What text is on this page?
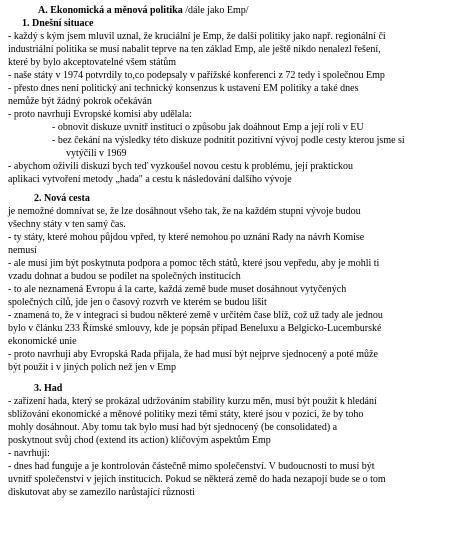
A. Ekonomická a měnová politika /dále jako Emp/
1. Dnešní situace
- každý s kým jsem mluvil uznal, že kruciální je Emp, že další politiky jako např. regionální či
industriální politika se musí nabalit teprve na ten základ Emp, ale ještě nikdo nenalezl řešení,
které by bylo akceptovatelné všem státům
- naše státy v 1974 potvrdily to,co podepsaly v pařížské konferenci z 72 tedy i společnou Emp
- přesto dnes není politický ani technický konsenzus k ustavení EM politiky a také dnes
nemůže být žádný pokrok očekáván
- proto navrhuji Evropské komisi aby udělala:
- obnovit diskuze uvnitř institucí o způsobu jak doáhnout Emp a její roli v EU
- bez čekání na výsledky této diskuze podnítit pozitivní vývoj podle cesty kterou jsme si
vytýčili v 1969
- abychom oživili diskuzi bych teď vyzkoušel novou cestu k problému, její praktickou
aplikaci vytvoření metody „hada" a cestu k následování dalšího vývoje
2. Nová cesta
je nemožné domnívat se, že lze dosáhnout všeho tak, že na každém stupni vývoje budou
všechny státy v ten samý čas.
- ty státy, které mohou půjdou vpřed, ty které nemohou po uznání Rady na návrh Komise
nemusí
- ale musí jim být poskytnuta podpora a pomoc těch států, které jsou vepředu, aby je mohli ti
vzadu dohnat a budou se podílet na společných institucích
- to ale neznamená Evropu á la carte, každá země bude muset dosáhnout vytyčených
společných cílů, jde jen o časový rozvrh ve kterém se budou lišit
- znamená to, že v integraci si budou některé země v určitém čase blíž, což už tady ale jednou
bylo v článku 233 Římské smlouvy, kde je popsán případ Beneluxu a Belgicko-Lucemburské
ekonomické unie
- proto navrhuji aby Evropská Rada přijala, že had musí být nejprve sjednocený a poté může
být použit i v jiných polích než jen v Emp
3. Had
- zařízení hada, který se prokázal udržováním stability kurzu měn, musí být použit k hledání
sbližování ekonomické a měnové politiky mezi těmi státy, které jsou v pozici, že by toho
mohly dosáhnout. Aby tomu tak bylo musí had být sjednocený (be consolidated) a
poskytnout svůj chod (extend its action) klíčovým aspektům Emp
- navrhuji:
- dnes had funguje a je kontrolován částečně mimo společenství. V budoucnosti to musí být
uvnitř společenství v jejích institucích. Pokud se některá země do hada nezapojí bude se o tom
diskutovat aby se zamezilo narůstající různosti
